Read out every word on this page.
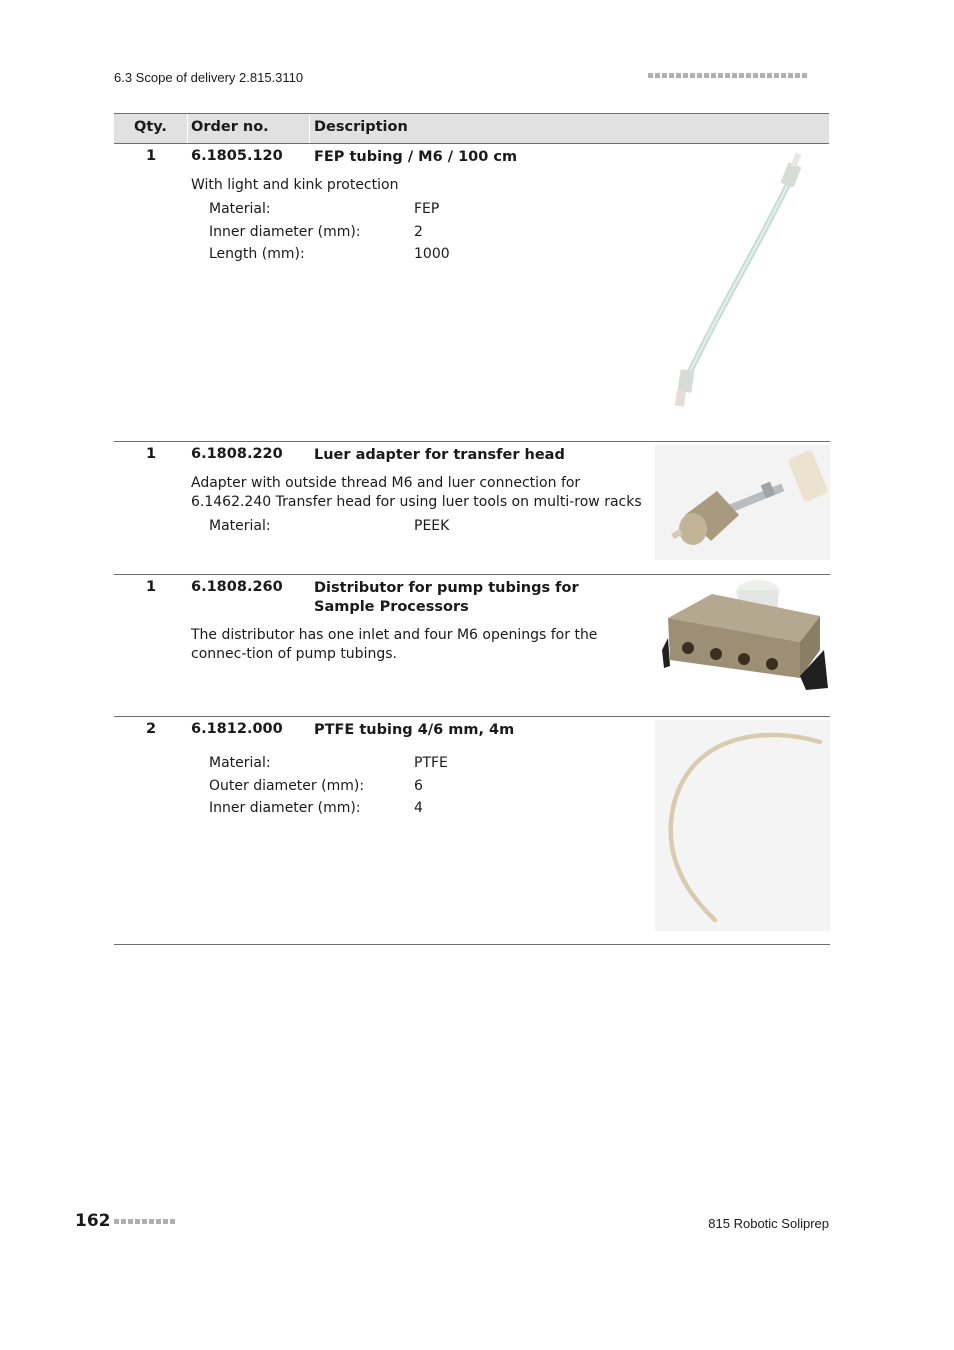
6.3 Scope of delivery 2.815.3110
Qty. Order no.	Description
1 6.1805.120 FEP tubing / M6 / 100 cm
With light and kink protection
Material:	FEP
Inner diameter (mm):	2
Length (mm):	1000
1 6.1808.220 Luer adapter for transfer head
Adapter with outside thread M6 and luer connection for 6.1462.240 Transfer head for using luer tools on multi-row racks
Material:	PEEK
1 6.1808.260 Distributor for pump tubings for Sample Processors
The distributor has one inlet and four M6 openings for the connec-tion of pump tubings.
2 6.1812.000 PTFE tubing 4/6 mm, 4m
Material:	PTFE
Outer diameter (mm):	6
Inner diameter (mm):	4
162	815 Robotic Soliprep
